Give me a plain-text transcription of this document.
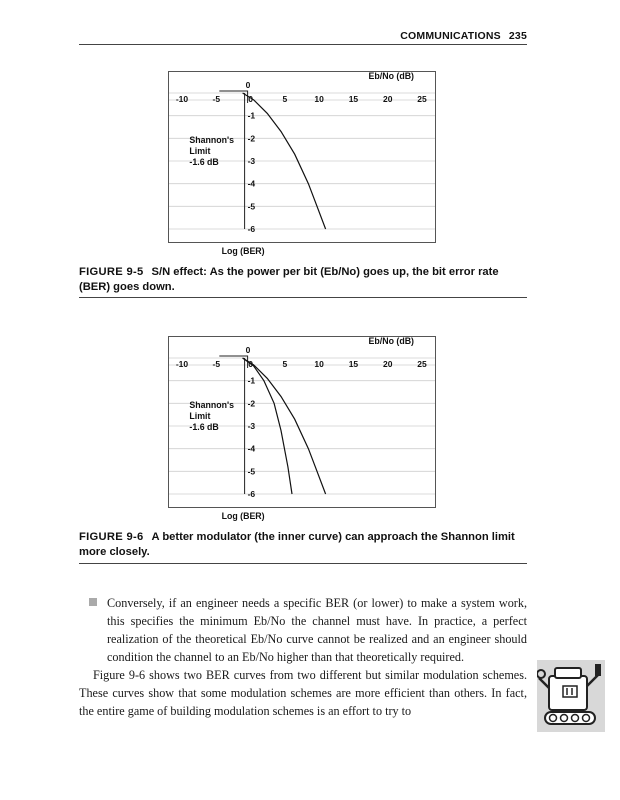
COMMUNICATIONS 235
-10	-5	0	5	10	15	20	25
0
-1
-2
-3
-4
-5
-6
Shannon's
Limit
-1.6 dB
Eb/No (dB)
Log (BER)
FIGURE 9-5 S/N effect: As the power per bit (Eb/No) goes up, the bit error rate (BER) goes down.
-10	-5	0	5	10	15	20	25
0
-1
-2
-3
-4
-5
-6
Shannon's
Limit
-1.6 dB
Eb/No (dB)
Log (BER)
FIGURE 9-6 A better modulator (the inner curve) can approach the Shannon limit more closely.
Conversely, if an engineer needs a specific BER (or lower) to make a system work, this specifies the minimum Eb/No the channel must have. In practice, a perfect realization of the theoretical Eb/No curve cannot be realized and an engineer should condition the channel to an Eb/No higher than that theoretically required.
Figure 9-6 shows two BER curves from two different but similar modulation schemes. These curves show that some modulation schemes are more efficient than others. In fact, the entire game of building modulation schemes is an effort to try to
